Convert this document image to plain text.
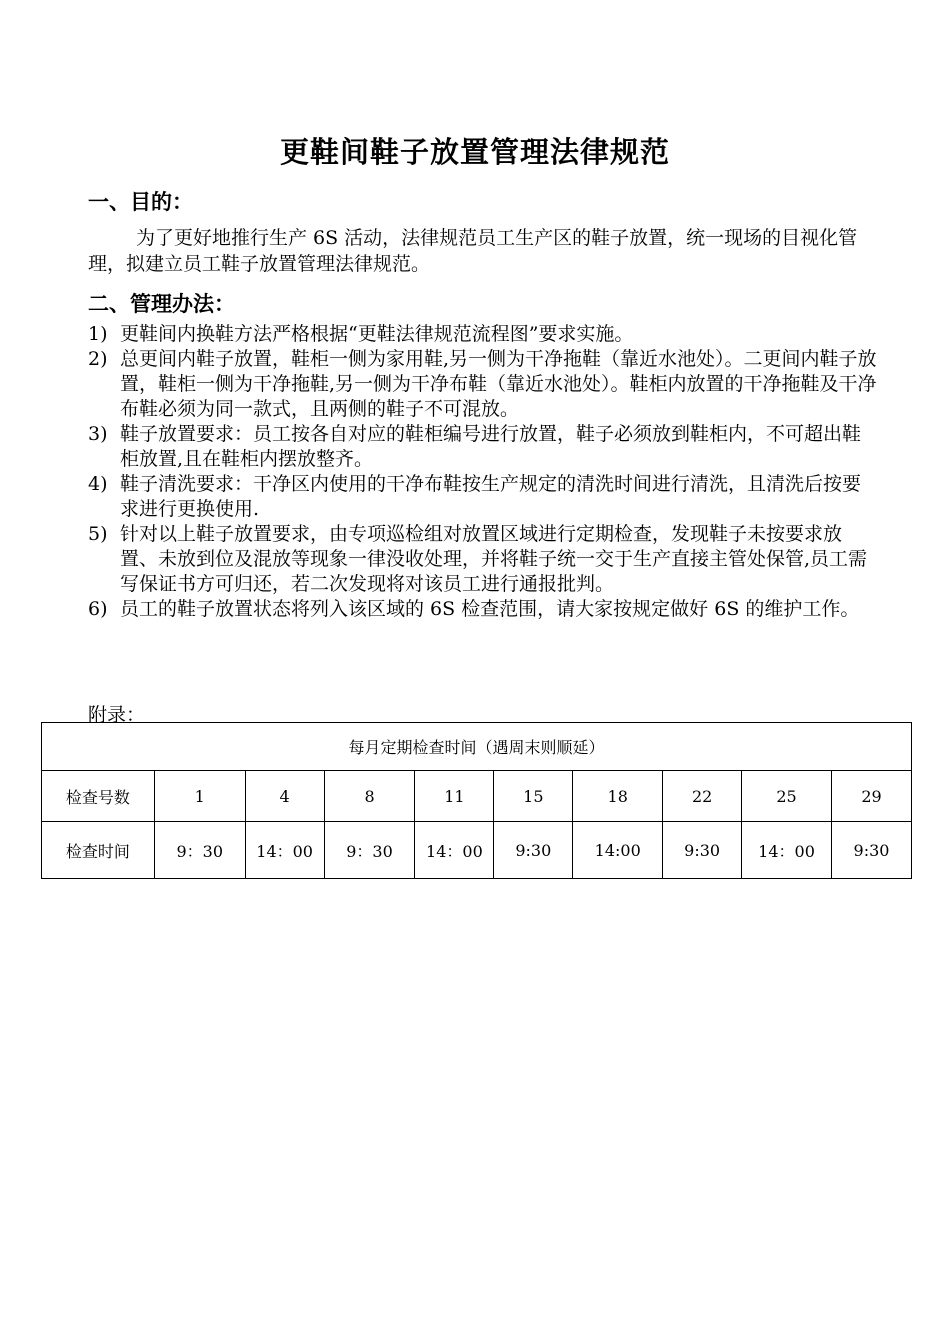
更鞋间鞋子放置管理法律规范
一、目的：
为了更好地推行生产 6S 活动，法律规范员工生产区的鞋子放置，统一现场的目视化管理，拟建立员工鞋子放置管理法律规范。
二、管理办法：
1) 更鞋间内换鞋方法严格根据“更鞋法律规范流程图”要求实施。
2) 总更间内鞋子放置，鞋柜一侧为家用鞋,另一侧为干净拖鞋（靠近水池处）。二更间内鞋子放置，鞋柜一侧为干净拖鞋,另一侧为干净布鞋（靠近水池处）。鞋柜内放置的干净拖鞋及干净布鞋必须为同一款式，且两侧的鞋子不可混放。
3) 鞋子放置要求：员工按各自对应的鞋柜编号进行放置，鞋子必须放到鞋柜内，不可超出鞋柜放置,且在鞋柜内摆放整齐。
4) 鞋子清洗要求：干净区内使用的干净布鞋按生产规定的清洗时间进行清洗，且清洗后按要求进行更换使用.
5) 针对以上鞋子放置要求，由专项巡检组对放置区域进行定期检查，发现鞋子未按要求放置、未放到位及混放等现象一律没收处理，并将鞋子统一交于生产直接主管处保管,员工需写保证书方可归还，若二次发现将对该员工进行通报批判。
6) 员工的鞋子放置状态将列入该区域的 6S 检查范围，请大家按规定做好 6S 的维护工作。
附录：
每月定期检查时间（遇周末则顺延）									
检查号数	1	4	8	11	15	18	22	25	29
检查时间	9：30	14：00	9：30	14：00	9:30	14:00	9:30	14：00	9:30
